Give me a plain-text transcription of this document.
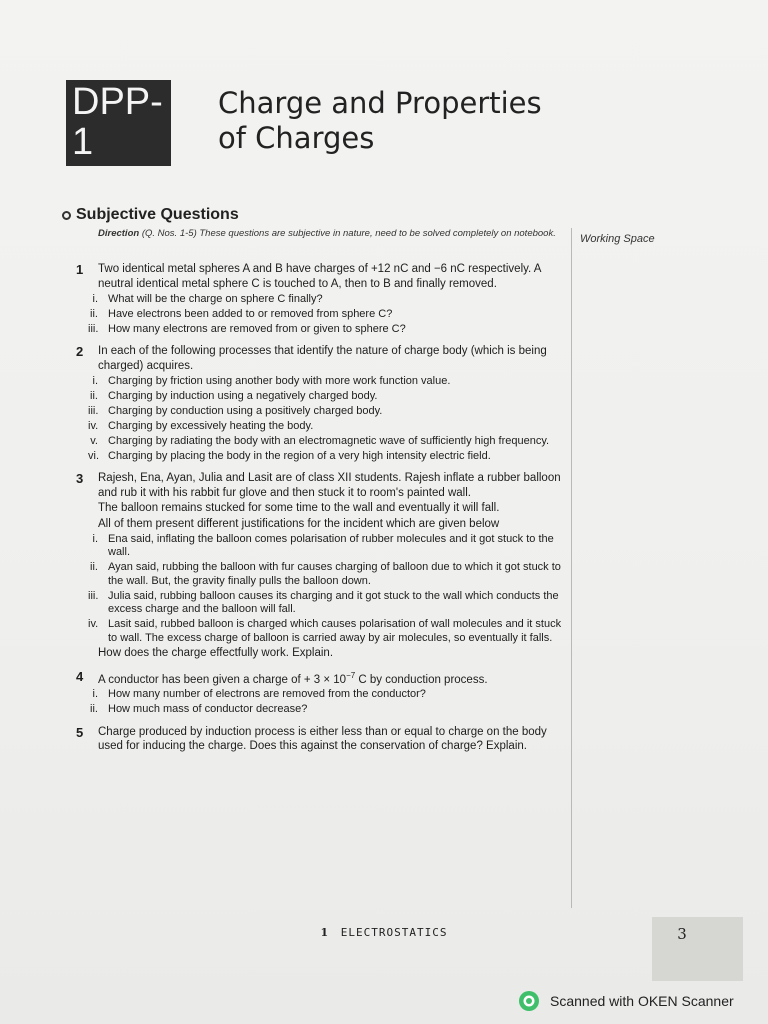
DPP-1
Charge and Properties
of Charges
Subjective Questions
Direction (Q. Nos. 1-5) These questions are subjective in nature, need to be solved completely on notebook. Working Space
1 Two identical metal spheres A and B have charges of +12 nC and −6 nC respectively. A neutral identical metal sphere C is touched to A, then to B and finally removed.
i. What will be the charge on sphere C finally?
ii. Have electrons been added to or removed from sphere C?
iii. How many electrons are removed from or given to sphere C?
2 In each of the following processes that identify the nature of charge body (which is being charged) acquires.
i. Charging by friction using another body with more work function value.
ii. Charging by induction using a negatively charged body.
iii. Charging by conduction using a positively charged body.
iv. Charging by excessively heating the body.
v. Charging by radiating the body with an electromagnetic wave of sufficiently high frequency.
vi. Charging by placing the body in the region of a very high intensity electric field.
3 Rajesh, Ena, Ayan, Julia and Lasit are of class XII students. Rajesh inflate a rubber balloon and rub it with his rabbit fur glove and then stuck it to room's painted wall.
The balloon remains stucked for some time to the wall and eventually it will fall.
All of them present different justifications for the incident which are given below
i. Ena said, inflating the balloon comes polarisation of rubber molecules and it got stuck to the wall.
ii. Ayan said, rubbing the balloon with fur causes charging of balloon due to which it got stuck to the wall. But, the gravity finally pulls the balloon down.
iii. Julia said, rubbing balloon causes its charging and it got stuck to the wall which conducts the excess charge and the balloon will fall.
iv. Lasit said, rubbed balloon is charged which causes polarisation of wall molecules and it stuck to wall. The excess charge of balloon is carried away by air molecules, so eventually it falls.
How does the charge effectfully work. Explain.
4 A conductor has been given a charge of + $3 \times 10^{-7}$ C by conduction process.
i. How many number of electrons are removed from the conductor?
ii. How much mass of conductor decrease?
5 Charge produced by induction process is either less than or equal to charge on the body used for inducing the charge. Does this against the conservation of charge? Explain.
1 ELECTROSTATICS	3
Scanned with OKEN Scanner
